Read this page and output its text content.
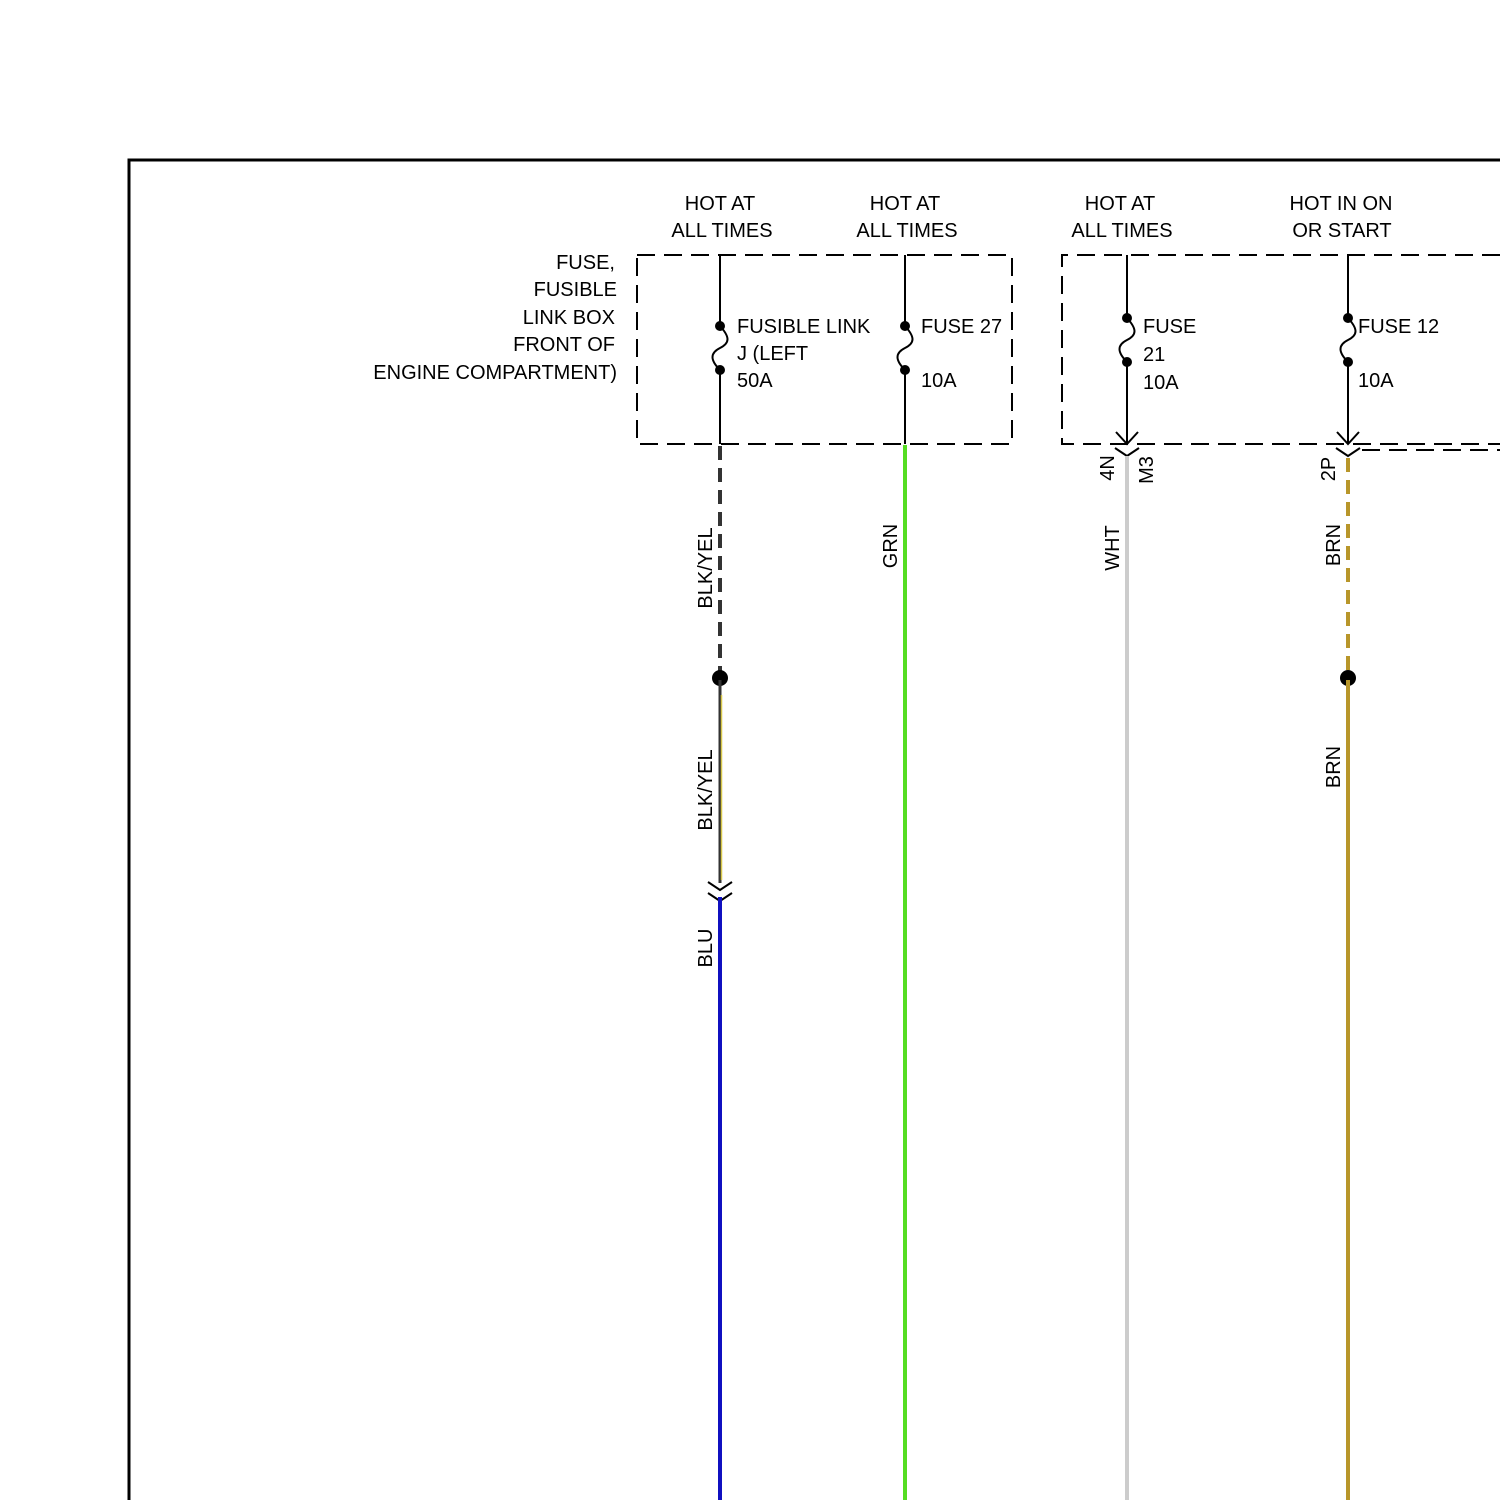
FUSE,
FUSIBLE
LINK BOX
FRONT OF
ENGINE COMPARTMENT)
HOT AT
ALL TIMES
FUSIBLE LINK
J (LEFT
50A
BLK/YEL
BLK/YEL
BLU
HOT AT
ALL TIMES
FUSE 27
10A
GRN
HOT AT
ALL TIMES
FUSE
21
10A
4N M3
WHT
HOT IN ON
OR START
FUSE 12
10A
2P
BRN
BRN
